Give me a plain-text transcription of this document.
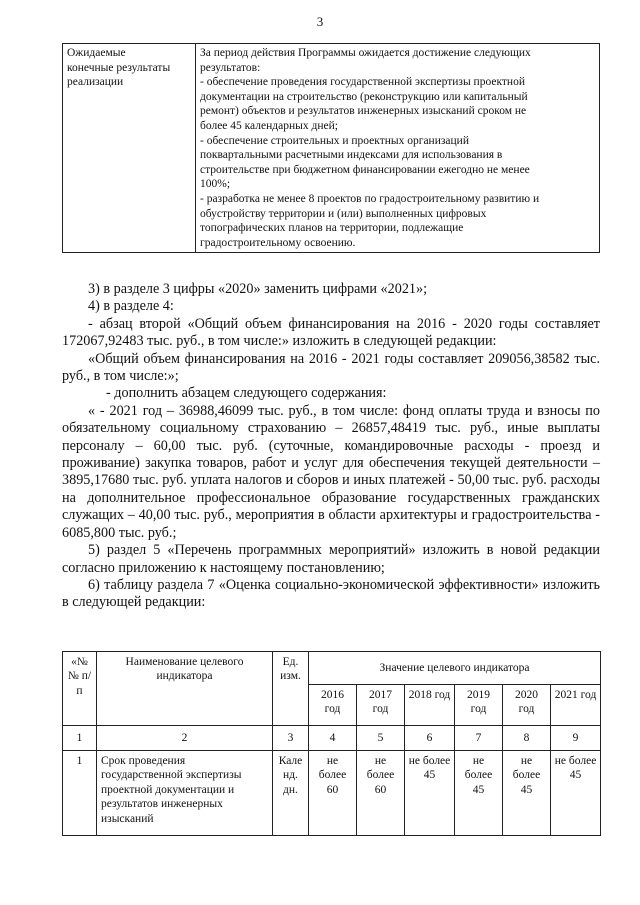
3
Ожидаемые
конечные результаты
реализации

За период действия Программы ожидается достижение следующих
результатов:
- обеспечение проведения государственной экспертизы проектной
документации на строительство (реконструкцию или капитальный
ремонт) объектов и результатов инженерных изысканий сроком не
более 45 календарных дней;
- обеспечение строительных и проектных организаций
поквартальными расчетными индексами для использования в
строительстве при бюджетном финансировании ежегодно не менее
100%;
- разработка не менее 8 проектов по градостроительному развитию и
обустройству территории и (или) выполненных цифровых
топографических планов на территории, подлежащие
градостроительному освоению.

3) в разделе 3 цифры «2020» заменить цифрами «2021»;

4) в разделе 4:

- абзац второй «Общий объем финансирования на 2016 - 2020 годы составляет 172067,92483 тыс. руб., в том числе:» изложить в следующей редакции:

«Общий объем финансирования на 2016 - 2021 годы составляет 209056,38582 тыс. руб., в том числе:»;

- дополнить абзацем следующего содержания:

« - 2021 год – 36988,46099 тыс. руб., в том числе: фонд оплаты труда и взносы по обязательному социальному страхованию – 26857,48419 тыс. руб., иные выплаты персоналу – 60,00 тыс. руб. (суточные, командировочные расходы - проезд и проживание) закупка товаров, работ и услуг для обеспечения текущей деятельности – 3895,17680 тыс. руб. уплата налогов и сборов и иных платежей - 50,00 тыс. руб. расходы на дополнительное профессиональное образование государственных гражданских служащих – 40,00 тыс. руб., мероприятия в области архитектуры и градостроительства - 6085,800 тыс. руб.;

5) раздел 5 «Перечень программных мероприятий» изложить в новой редакции согласно приложению к настоящему постановлению;

6) таблицу раздела 7 «Оценка социально-экономической эффективности» изложить в следующей редакции:

«№ № п/п	Наименование целевого индикатора	Ед. изм.	Значение целевого индикатора					
			2016 год	2017 год	2018 год	2019 год	2020 год	2021 год
1	2	3	4	5	6	7	8	9
1	Срок проведения государственной экспертизы проектной документации и результатов инженерных изысканий	Кале нд. дн.	не более 60	не более 60	не более 45	не более 45	не более 45	не более 45
